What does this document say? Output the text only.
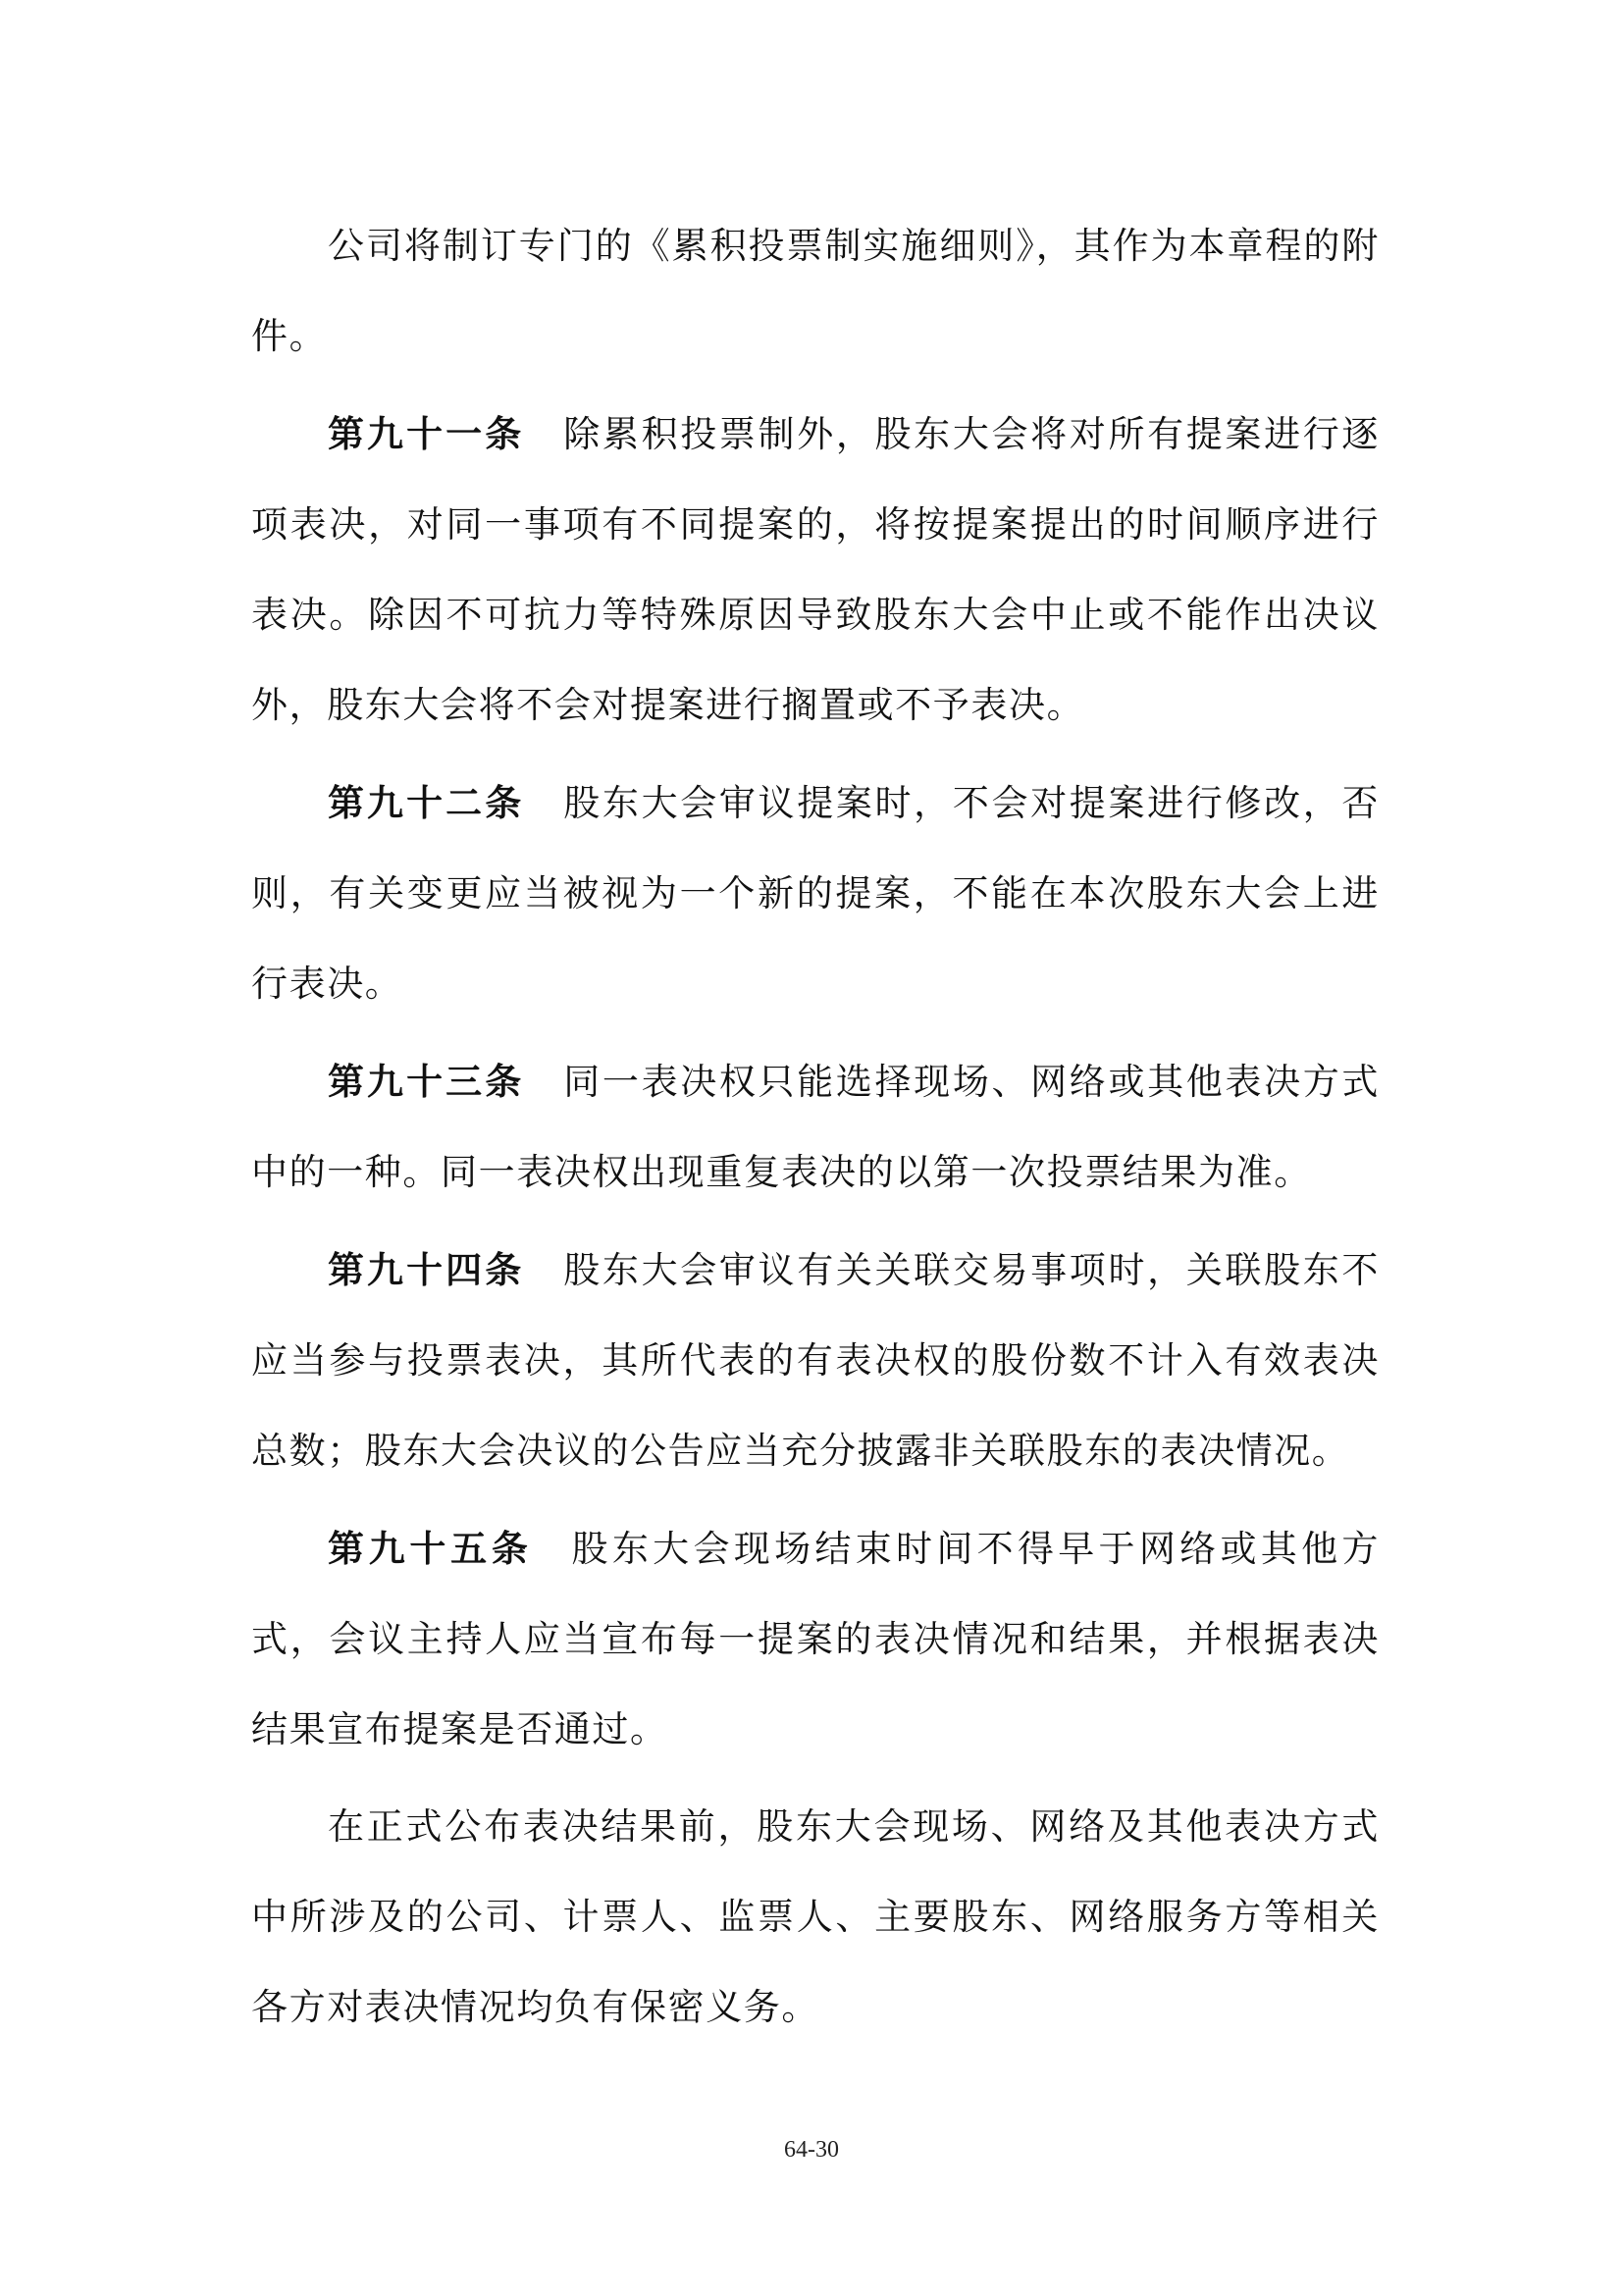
公司将制订专门的《累积投票制实施细则》，其作为本章程的附件。

第九十一条 除累积投票制外，股东大会将对所有提案进行逐项表决，对同一事项有不同提案的，将按提案提出的时间顺序进行表决。除因不可抗力等特殊原因导致股东大会中止或不能作出决议外，股东大会将不会对提案进行搁置或不予表决。

第九十二条 股东大会审议提案时，不会对提案进行修改，否则，有关变更应当被视为一个新的提案，不能在本次股东大会上进行表决。

第九十三条 同一表决权只能选择现场、网络或其他表决方式中的一种。同一表决权出现重复表决的以第一次投票结果为准。

第九十四条 股东大会审议有关关联交易事项时，关联股东不应当参与投票表决，其所代表的有表决权的股份数不计入有效表决总数；股东大会决议的公告应当充分披露非关联股东的表决情况。

第九十五条 股东大会现场结束时间不得早于网络或其他方式，会议主持人应当宣布每一提案的表决情况和结果，并根据表决结果宣布提案是否通过。

在正式公布表决结果前，股东大会现场、网络及其他表决方式中所涉及的公司、计票人、监票人、主要股东、网络服务方等相关各方对表决情况均负有保密义务。

64-30
